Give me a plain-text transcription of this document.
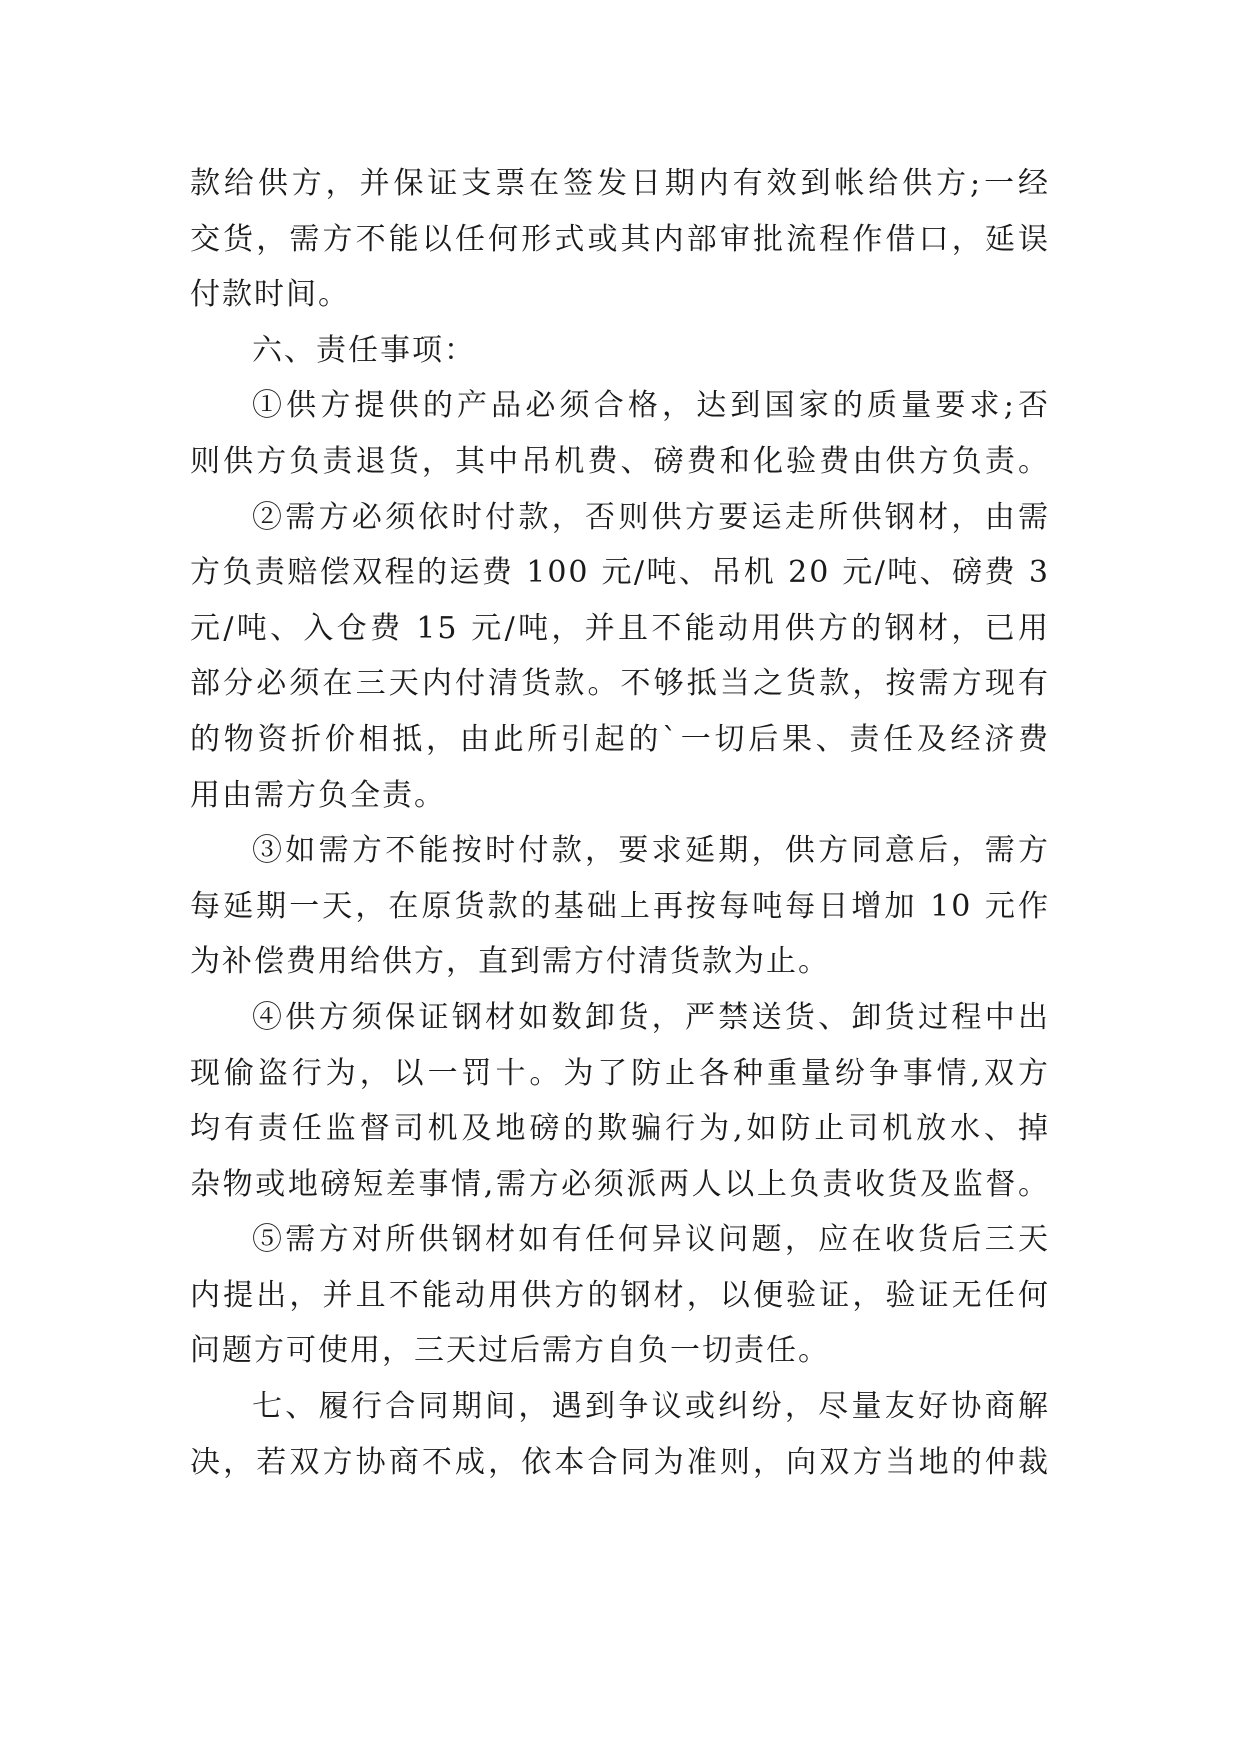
款给供方，并保证支票在签发日期内有效到帐给供方;一经
交货，需方不能以任何形式或其内部审批流程作借口，延误
付款时间。
六、责任事项：
①供方提供的产品必须合格，达到国家的质量要求;否
则供方负责退货，其中吊机费、磅费和化验费由供方负责。
②需方必须依时付款，否则供方要运走所供钢材，由需
方负责赔偿双程的运费 100 元/吨、吊机 20 元/吨、磅费 3
元/吨、入仓费 15 元/吨，并且不能动用供方的钢材，已用
部分必须在三天内付清货款。不够抵当之货款，按需方现有
的物资折价相抵，由此所引起的`一切后果、责任及经济费
用由需方负全责。
③如需方不能按时付款，要求延期，供方同意后，需方
每延期一天，在原货款的基础上再按每吨每日增加 10 元作
为补偿费用给供方，直到需方付清货款为止。
④供方须保证钢材如数卸货，严禁送货、卸货过程中出
现偷盗行为，以一罚十。为了防止各种重量纷争事情,双方
均有责任监督司机及地磅的欺骗行为,如防止司机放水、掉
杂物或地磅短差事情,需方必须派两人以上负责收货及监督。
⑤需方对所供钢材如有任何异议问题，应在收货后三天
内提出，并且不能动用供方的钢材，以便验证，验证无任何
问题方可使用，三天过后需方自负一切责任。
七、履行合同期间，遇到争议或纠纷，尽量友好协商解
决，若双方协商不成，依本合同为准则，向双方当地的仲裁
